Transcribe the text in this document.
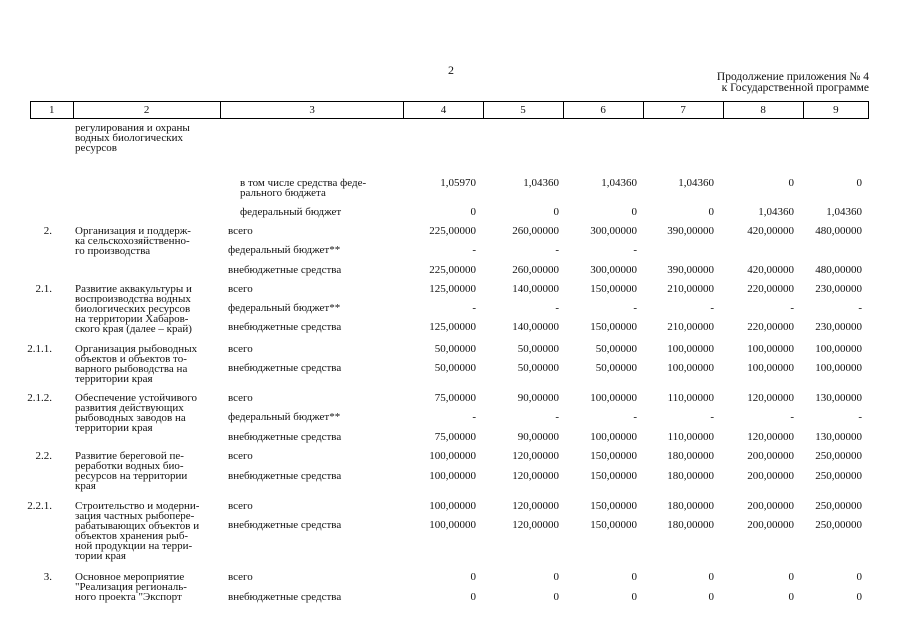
2	Продолжение приложения № 4
к Государственной программе
1	2	3	4	5	6	7	8	9
регулирования и охраны
водных биологических
ресурсов
в том числе средства феде-
рального бюджета
1,05970	1,04360	1,04360	1,04360	0	0
федеральный бюджет	0	0	0	0	1,04360	1,04360
2. Организация и поддерж-
ка сельскохозяйственно-
го производства
всего	225,00000	260,00000	300,00000	390,00000	420,00000	480,00000
федеральный бюджет**	-	-	-
внебюджетные средства	225,00000	260,00000	300,00000	390,00000	420,00000	480,00000
2.1. Развитие аквакультуры и
воспроизводства водных
биологических ресурсов
на территории Хабаров-
ского края (далее – край)
всего	125,00000	140,00000	150,00000	210,00000	220,00000	230,00000
федеральный бюджет**	-	-	-	-	-	-
внебюджетные средства	125,00000	140,00000	150,00000	210,00000	220,00000	230,00000
2.1.1. Организация рыбоводных
объектов и объектов то-
варного рыбоводства на
территории края
всего	50,00000	50,00000	50,00000	100,00000	100,00000	100,00000
внебюджетные средства	50,00000	50,00000	50,00000	100,00000	100,00000	100,00000
2.1.2. Обеспечение устойчивого
развития действующих
рыбоводных заводов на
территории края
всего	75,00000	90,00000	100,00000	110,00000	120,00000	130,00000
федеральный бюджет**	-	-	-	-	-	-
внебюджетные средства	75,00000	90,00000	100,00000	110,00000	120,00000	130,00000
2.2. Развитие береговой пе-
реработки водных био-
ресурсов на территории
края
всего	100,00000	120,00000	150,00000	180,00000	200,00000	250,00000
внебюджетные средства	100,00000	120,00000	150,00000	180,00000	200,00000	250,00000
2.2.1. Строительство и модерни-
зация частных рыбопере-
рабатывающих объектов и
объектов хранения рыб-
ной продукции на терри-
тории края
всего	100,00000	120,00000	150,00000	180,00000	200,00000	250,00000
внебюджетные средства	100,00000	120,00000	150,00000	180,00000	200,00000	250,00000
3. Основное мероприятие
"Реализация региональ-
ного проекта "Экспорт
всего	0	0	0	0	0	0
внебюджетные средства	0	0	0	0	0	0
